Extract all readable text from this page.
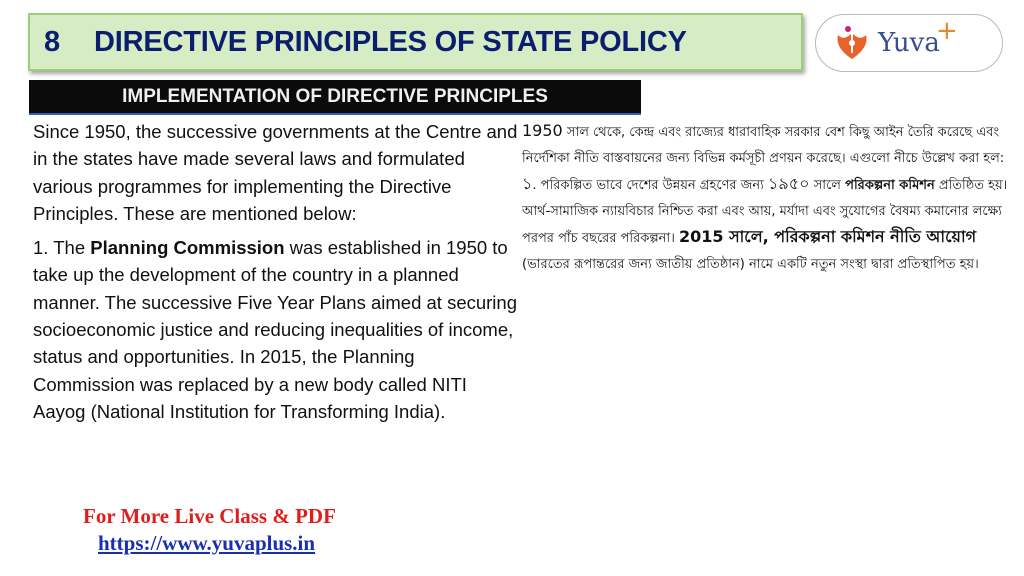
8	DIRECTIVE PRINCIPLES OF STATE POLICY	Yuva
+
IMPLEMENTATION OF DIRECTIVE PRINCIPLES

Since 1950, the successive governments at the Centre and in the states have made several laws and formulated various programmes for implementing the Directive Principles. These are mentioned below:

1. The Planning Commission was established in 1950 to take up the development of the country in a planned manner. The successive Five Year Plans aimed at securing socioeconomic justice and reducing inequalities of income, status and opportunities. In 2015, the Planning Commission was replaced by a new body called NITI Aayog (National Institution for Transforming India).

1950 সাল থেকে, কেন্দ্র এবং রাজ্যের ধারাবাহিক সরকার বেশ কিছু আইন তৈরি করেছে এবং নির্দেশিকা নীতি বাস্তবায়নের জন্য বিভিন্ন কর্মসূচী প্রণয়ন করেছে। এগুলো নীচে উল্লেখ করা হল:

১. পরিকল্পিত ভাবে দেশের উন্নয়ন গ্রহণের জন্য ১৯৫০ সালে পরিকল্পনা কমিশন প্রতিষ্ঠিত হয়। আর্থ-সামাজিক ন্যায়বিচার নিশ্চিত করা এবং আয়, মর্যাদা এবং সুযোগের বৈষম্য কমানোর লক্ষ্যে পরপর পাঁচ বছরের পরিকল্পনা। 2015 সালে, পরিকল্পনা কমিশন নীতি আয়োগ (ভারতের রূপান্তরের জন্য জাতীয় প্রতিষ্ঠান) নামে একটি নতুন সংস্থা দ্বারা প্রতিস্থাপিত হয়।

For More Live Class & PDF
https://www.yuvaplus.in
